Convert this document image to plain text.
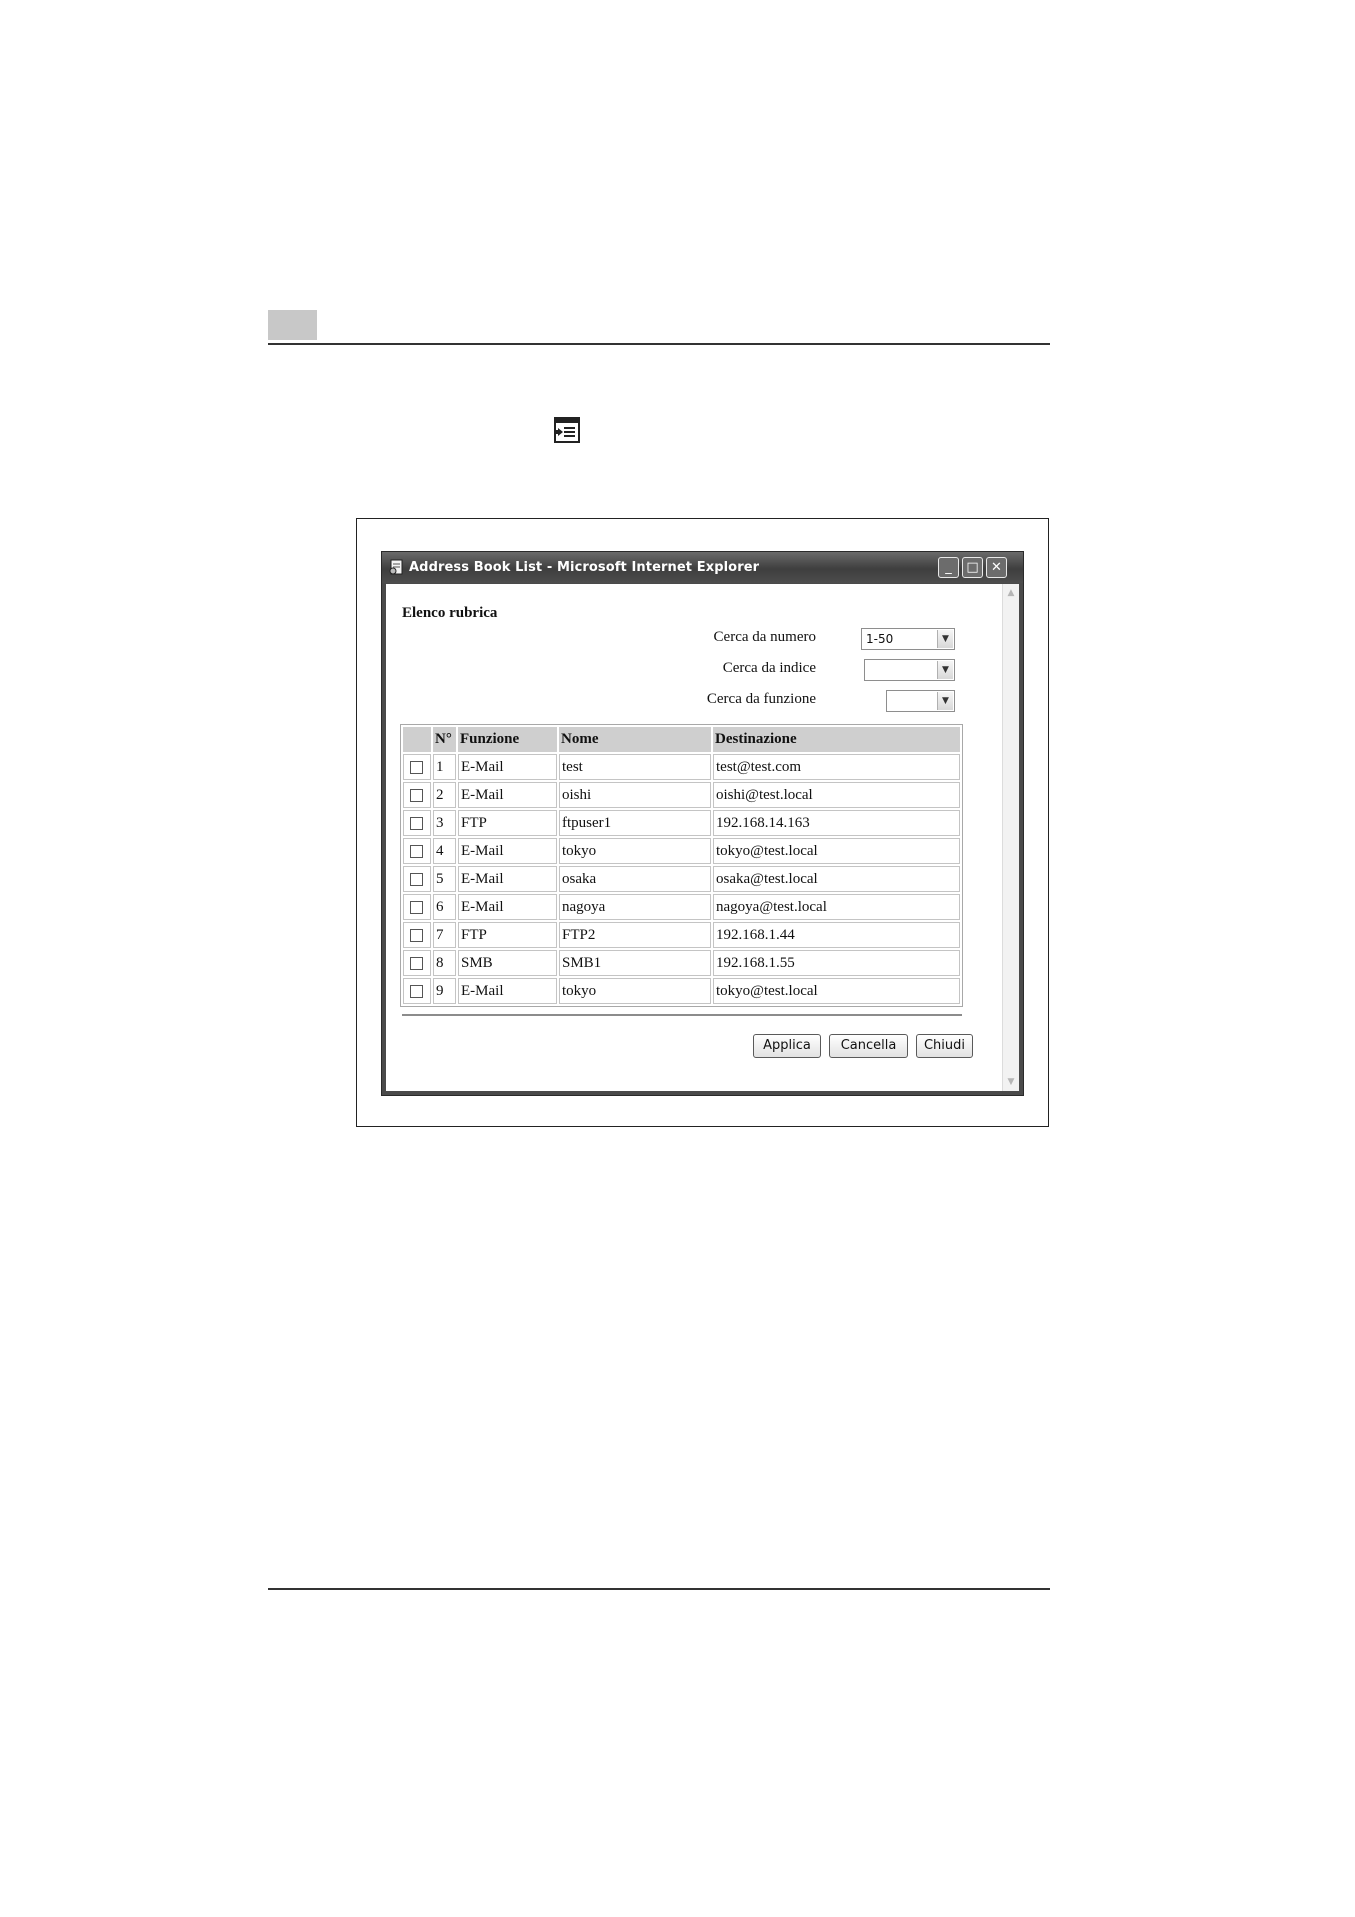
Address Book List - Microsoft Internet Explorer	_	□ ✕
Elenco rubrica
Cerca da numero	1-50	▼
Cerca da indice	▼
Cerca da funzione	▼
	N°	Funzione	Nome	Destinazione
	1	E-Mail	test	test@test.com
	2	E-Mail	oishi	oishi@test.local
	3	FTP	ftpuser1	192.168.14.163
	4	E-Mail	tokyo	tokyo@test.local
	5	E-Mail	osaka	osaka@test.local
	6	E-Mail	nagoya	nagoya@test.local
	7	FTP	FTP2	192.168.1.44
	8	SMB	SMB1	192.168.1.55
	9	E-Mail	tokyo	tokyo@test.local
Applica	Cancella	Chiudi
▲
▼
